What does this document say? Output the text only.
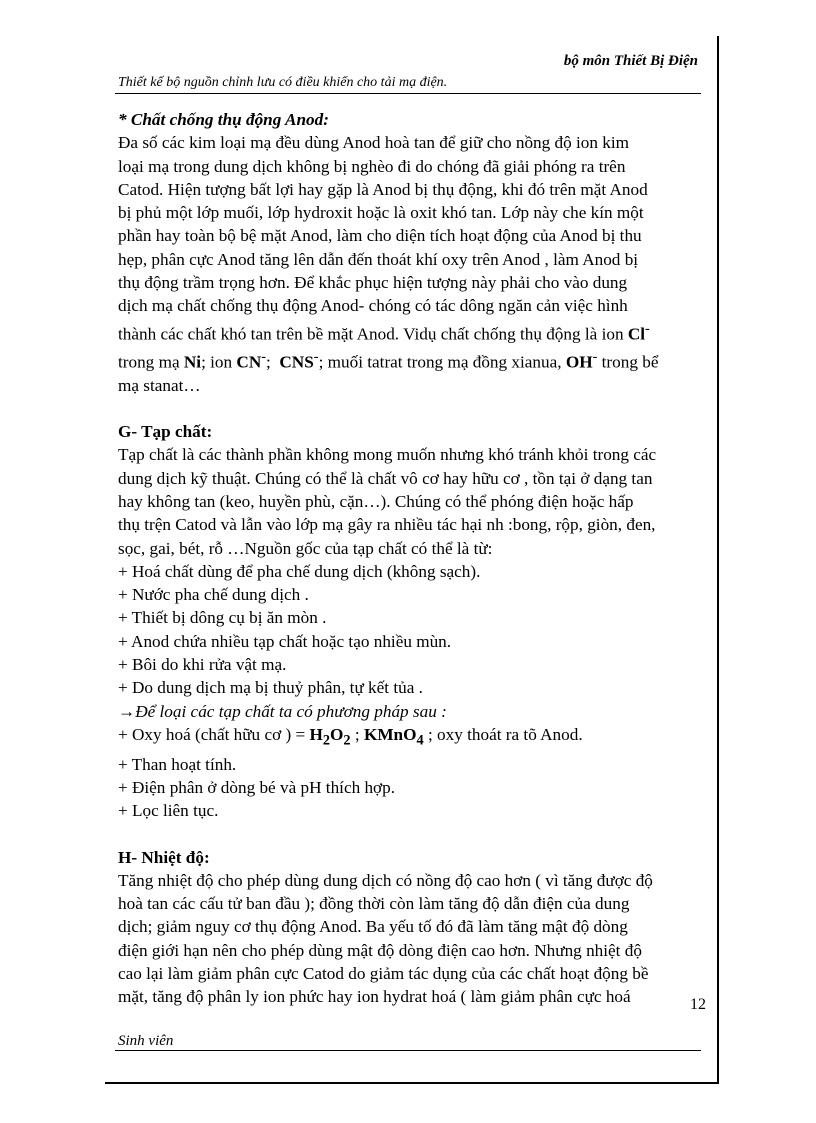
bộ môn Thiết Bị Điện
Thiết kế bộ nguồn chỉnh lưu có điều khiển cho tải mạ điện.

* Chất chống thụ động Anod:

Đa số các kim loại mạ đều dùng Anod hoà tan để giữ cho nồng độ ion kim

loại mạ trong dung dịch không bị nghèo đi do chóng đã giải phóng ra trên

Catod. Hiện tượng bất lợi hay gặp là Anod bị thụ động, khi đó trên mặt Anod

bị phủ một lớp muối, lớp hydroxit hoặc là oxit khó tan. Lớp này che kín một

phần hay toàn bộ bệ mặt Anod, làm cho diện tích hoạt động của Anod bị thu

hẹp, phân cực Anod tăng lên dẫn đến thoát khí oxy trên Anod , làm Anod bị

thụ động trầm trọng hơn. Để khắc phục hiện tượng này phải cho vào dung

dịch mạ chất chống thụ động Anod- chóng có tác dông ngăn cản việc hình

thành các chất khó tan trên bề mặt Anod. Vidụ chất chống thụ động là ion Cl-

trong mạ Ni; ion CN-; CNS-; muối tatrat trong mạ đồng xianua, OH- trong bể

mạ stanat…

G- Tạp chất:

Tạp chất là các thành phần không mong muốn nhưng khó tránh khỏi trong các

dung dịch kỹ thuật. Chúng có thể là chất vô cơ hay hữu cơ , tồn tại ở dạng tan

hay không tan (keo, huyền phù, cặn…). Chúng có thể phóng điện hoặc hấp

thụ trện Catod và lẫn vào lớp mạ gây ra nhiều tác hại nh :bong, rộp, giòn, đen,

sọc, gai, bét, rỗ …Nguồn gốc của tạp chất có thể là từ:

+ Hoá chất dùng để pha chế dung dịch (không sạch).

+ Nước pha chế dung dịch .

+ Thiết bị dông cụ bị ăn mòn .

+ Anod chứa nhiều tạp chất hoặc tạo nhiều mùn.

+ Bôi do khi rửa vật mạ.

+ Do dung dịch mạ bị thuỷ phân, tự kết tủa .

→Để loại các tạp chất ta có phương pháp sau :

+ Oxy hoá (chất hữu cơ ) = $H_2O_2$ ; KMnO$_4$ ; oxy thoát ra tõ Anod.

+ Than hoạt tính.

+ Điện phân ở dòng bé và pH thích hợp.

+ Lọc liên tục.

H- Nhiệt độ:

Tăng nhiệt độ cho phép dùng dung dịch có nồng độ cao hơn ( vì tăng được độ

hoà tan các cấu tử ban đầu ); đồng thời còn làm tăng độ dẫn điện của dung

dịch; giảm nguy cơ thụ động Anod. Ba yếu tố đó đã làm tăng mật độ dòng

điện giới hạn nên cho phép dùng mật độ dòng điện cao hơn. Nhưng nhiệt độ

cao lại làm giảm phân cực Catod do giảm tác dụng của các chất hoạt động bề

mặt, tăng độ phân ly ion phức hay ion hydrat hoá ( làm giảm phân cực hoá	12
Sinh viên
